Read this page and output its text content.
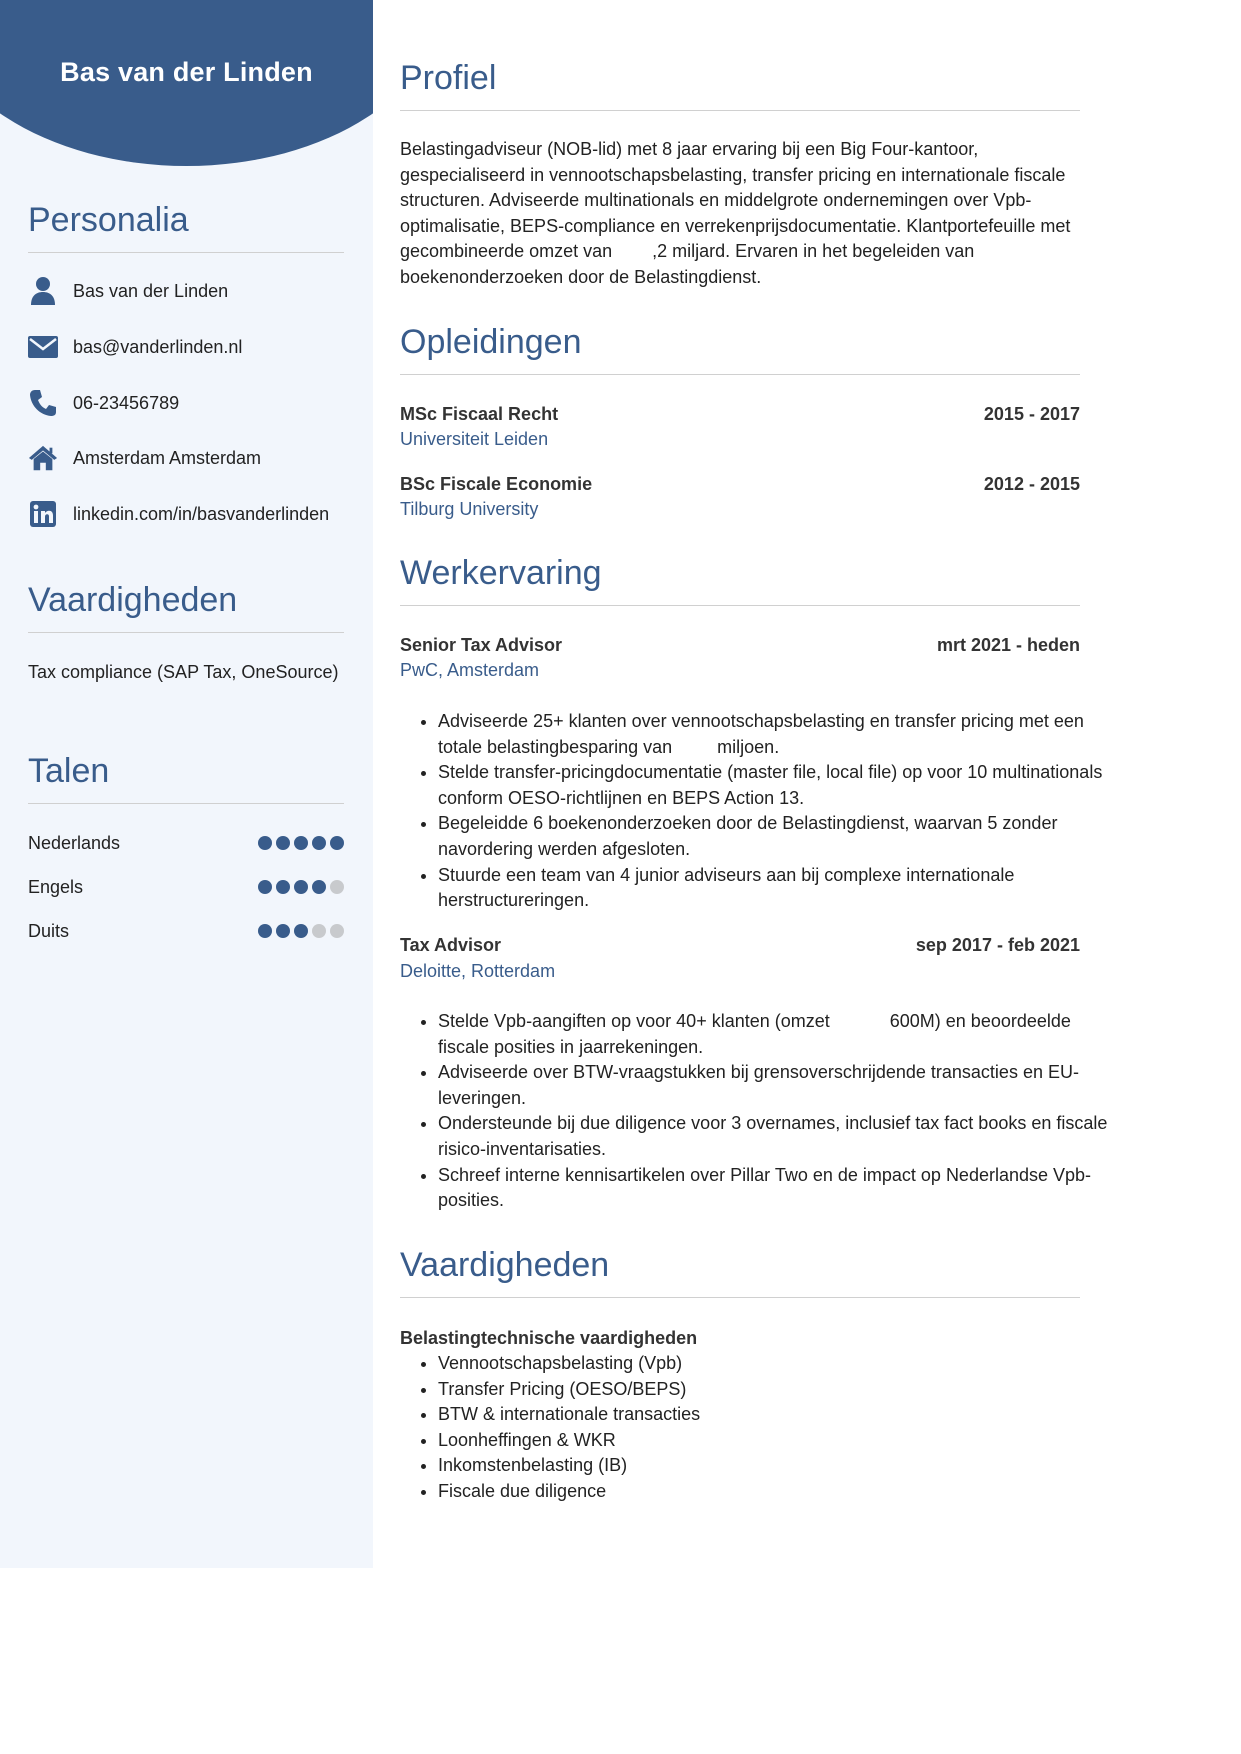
Bas van der Linden
Personalia
Bas van der Linden
bas@vanderlinden.nl
06-23456789
Amsterdam Amsterdam
linkedin.com/in/basvanderlinden
Vaardigheden
Tax compliance (SAP Tax, OneSource)
Talen
Nederlands
Engels
Duits
Profiel

Belastingadviseur (NOB-lid) met 8 jaar ervaring bij een Big Four-kantoor, gespecialiseerd in vennootschapsbelasting, transfer pricing en internationale fiscale structuren. Adviseerde multinationals en middelgrote ondernemingen over Vpb-optimalisatie, BEPS-compliance en verrekenprijsdocumentatie. Klantportefeuille met gecombineerde omzet van ,2 miljard. Ervaren in het begeleiden van boekenonderzoeken door de Belastingdienst.

Opleidingen
MSc Fiscaal Recht	2015 - 2017
Universiteit Leiden
BSc Fiscale Economie	2012 - 2015
Tilburg University
Werkervaring
Senior Tax Advisor	mrt 2021 - heden
PwC, Amsterdam
• Adviseerde 25+ klanten over vennootschapsbelasting en transfer pricing met een totale belastingbesparing van	miljoen.
• Stelde transfer-pricingdocumentatie (master file, local file) op voor 10 multinationals conform OESO-richtlijnen en BEPS Action 13.
• Begeleidde 6 boekenonderzoeken door de Belastingdienst, waarvan 5 zonder navordering werden afgesloten.
• Stuurde een team van 4 junior adviseurs aan bij complexe internationale herstructureringen.
Tax Advisor	sep 2017 - feb 2021
Deloitte, Rotterdam
• Stelde Vpb-aangiften op voor 40+ klanten (omzet	600M) en beoordeelde fiscale posities in jaarrekeningen.
• Adviseerde over BTW-vraagstukken bij grensoverschrijdende transacties en EU-leveringen.
• Ondersteunde bij due diligence voor 3 overnames, inclusief tax fact books en fiscale risico-inventarisaties.
• Schreef interne kennisartikelen over Pillar Two en de impact op Nederlandse Vpb-posities.
Vaardigheden
Belastingtechnische vaardigheden
• Vennootschapsbelasting (Vpb)
• Transfer Pricing (OESO/BEPS)
• BTW & internationale transacties
• Loonheffingen & WKR
• Inkomstenbelasting (IB)
• Fiscale due diligence
